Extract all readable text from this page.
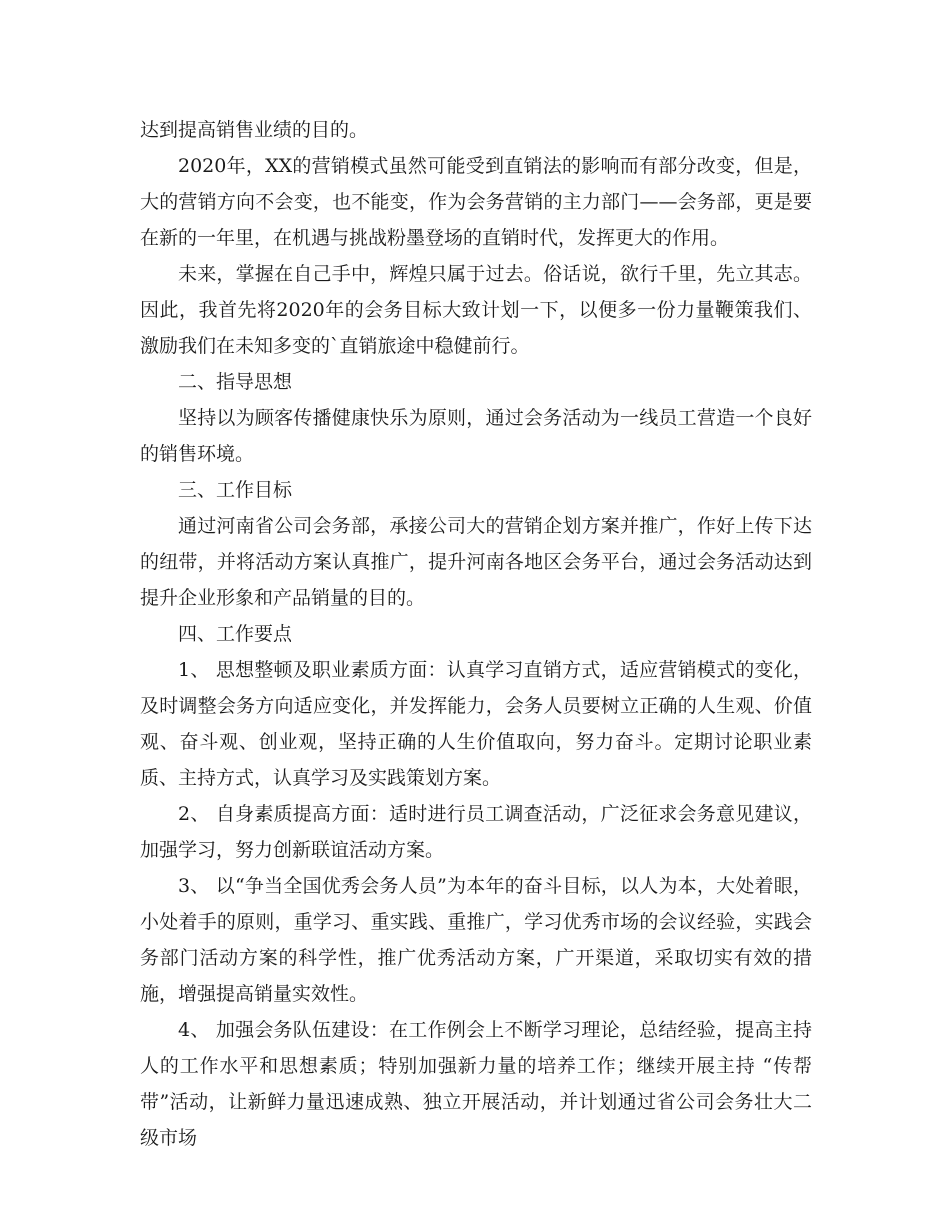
达到提高销售业绩的目的。

2020年，XX的营销模式虽然可能受到直销法的影响而有部分改变，但是，大的营销方向不会变，也不能变，作为会务营销的主力部门——会务部，更是要在新的一年里，在机遇与挑战粉墨登场的直销时代，发挥更大的作用。

未来，掌握在自己手中，辉煌只属于过去。俗话说，欲行千里，先立其志。因此，我首先将2020年的会务目标大致计划一下，以便多一份力量鞭策我们、激励我们在未知多变的`直销旅途中稳健前行。

二、指导思想

坚持以为顾客传播健康快乐为原则，通过会务活动为一线员工营造一个良好的销售环境。

三、工作目标

通过河南省公司会务部，承接公司大的营销企划方案并推广，作好上传下达的纽带，并将活动方案认真推广，提升河南各地区会务平台，通过会务活动达到提升企业形象和产品销量的目的。

四、工作要点

1、 思想整顿及职业素质方面：认真学习直销方式，适应营销模式的变化，及时调整会务方向适应变化，并发挥能力，会务人员要树立正确的人生观、价值观、奋斗观、创业观，坚持正确的人生价值取向，努力奋斗。定期讨论职业素质、主持方式，认真学习及实践策划方案。

2、 自身素质提高方面：适时进行员工调查活动，广泛征求会务意见建议，加强学习，努力创新联谊活动方案。

3、 以“争当全国优秀会务人员”为本年的奋斗目标，以人为本，大处着眼，小处着手的原则，重学习、重实践、重推广，学习优秀市场的会议经验，实践会务部门活动方案的科学性，推广优秀活动方案，广开渠道，采取切实有效的措施，增强提高销量实效性。

4、 加强会务队伍建设：在工作例会上不断学习理论，总结经验，提高主持人的工作水平和思想素质；特别加强新力量的培养工作；继续开展主持 “传帮带”活动，让新鲜力量迅速成熟、独立开展活动，并计划通过省公司会务壮大二级市场
